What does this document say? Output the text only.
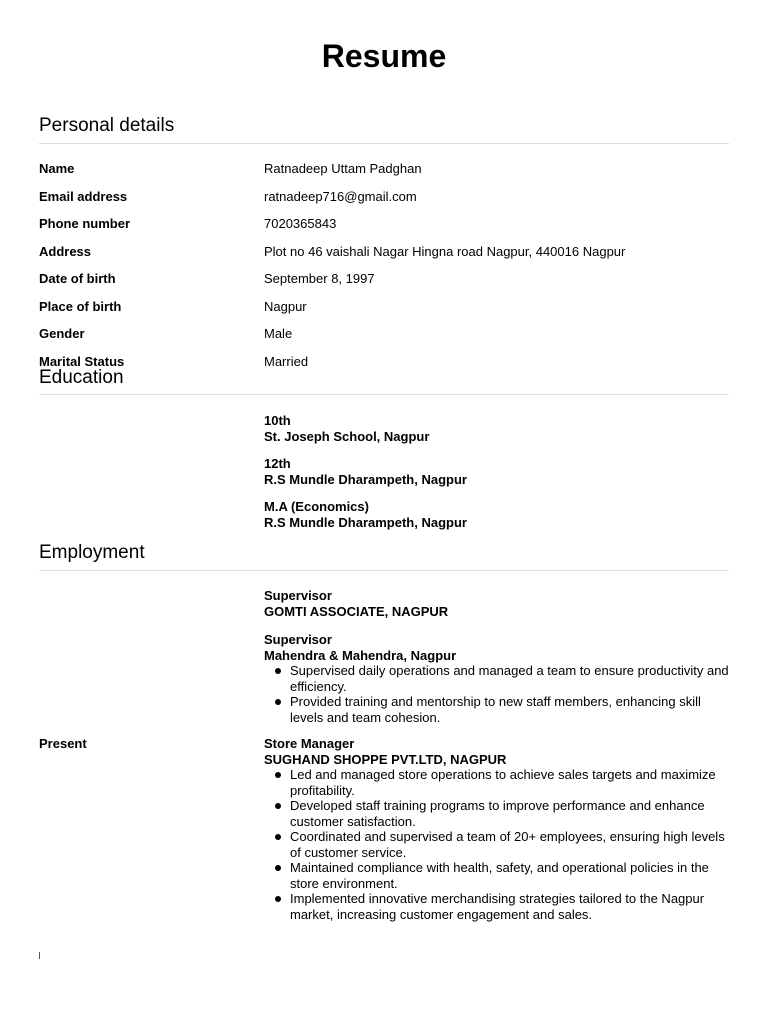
Resume
Personal details
Name	Ratnadeep Uttam Padghan
Email address	ratnadeep716@gmail.com
Phone number	7020365843
Address	Plot no 46 vaishali Nagar Hingna road Nagpur, 440016 Nagpur
Date of birth	September 8, 1997
Place of birth	Nagpur
Gender	Male
Marital Status	Married
Education
10th
St. Joseph School, Nagpur
12th
R.S Mundle Dharampeth, Nagpur
M.A (Economics)
R.S Mundle Dharampeth, Nagpur
Employment
Supervisor
GOMTI ASSOCIATE, NAGPUR
Supervisor
Mahendra & Mahendra, Nagpur
Supervised daily operations and managed a team to ensure productivity and efficiency.
Provided training and mentorship to new staff members, enhancing skill levels and team cohesion.
Present	Store Manager
SUGHAND SHOPPE PVT.LTD, NAGPUR
Led and managed store operations to achieve sales targets and maximize profitability.
Developed staff training programs to improve performance and enhance customer satisfaction.
Coordinated and supervised a team of 20+ employees, ensuring high levels of customer service.
Maintained compliance with health, safety, and operational policies in the store environment.
Implemented innovative merchandising strategies tailored to the Nagpur market, increasing customer engagement and sales.
